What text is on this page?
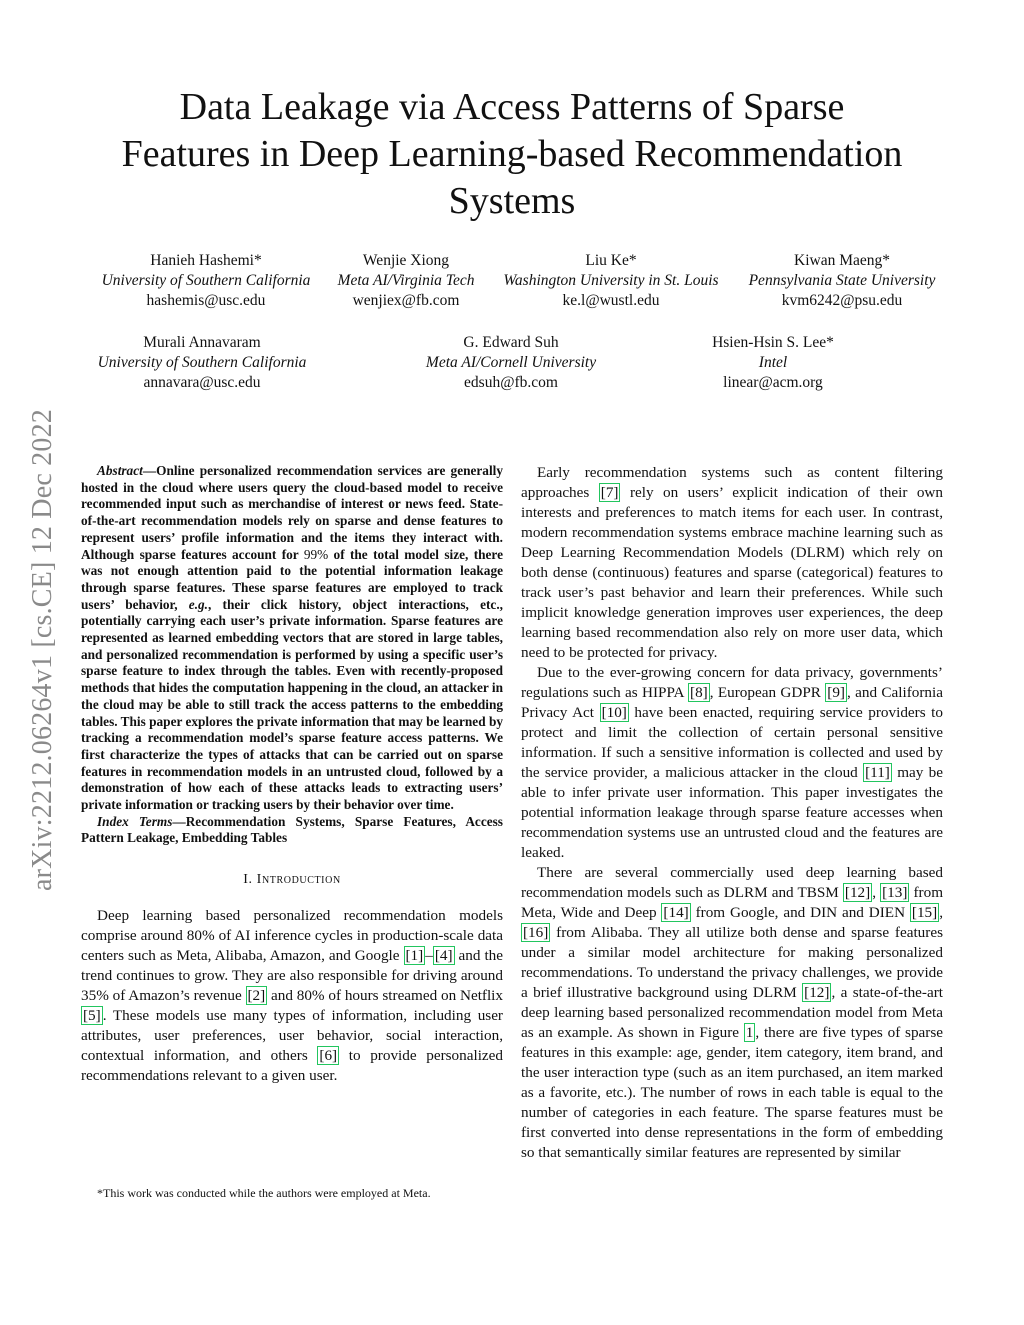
Data Leakage via Access Patterns of Sparse
Features in Deep Learning-based Recommendation
Systems
Hanieh Hashemi*
University of Southern California
hashemis@usc.edu
Wenjie Xiong
Meta AI/Virginia Tech
wenjiex@fb.com
Liu Ke*
Washington University in St. Louis
ke.l@wustl.edu
Kiwan Maeng*
Pennsylvania State University
kvm6242@psu.edu
Murali Annavaram
University of Southern California
annavara@usc.edu
G. Edward Suh
Meta AI/Cornell University
edsuh@fb.com
Hsien-Hsin S. Lee*
Intel
linear@acm.org
arXiv:2212.06264v1 [cs.CE] 12 Dec 2022	Abstract—Online personalized recommendation services are generally hosted in the cloud where users query the cloud-based model to receive recommended input such as merchandise of interest or news feed. State-of-the-art recommendation models rely on sparse and dense features to represent users’ profile information and the items they interact with. Although sparse features account for 99% of the total model size, there was not enough attention paid to the potential information leakage through sparse features. These sparse features are employed to track users’ behavior, e.g., their click history, object interactions, etc., potentially carrying each user’s private information. Sparse features are represented as learned embedding vectors that are stored in large tables, and personalized recommendation is performed by using a specific user’s sparse feature to index through the tables. Even with recently-proposed methods that hides the computation happening in the cloud, an attacker in the cloud may be able to still track the access patterns to the embedding tables. This paper explores the private information that may be learned by tracking a recommendation model’s sparse feature access patterns. We first characterize the types of attacks that can be carried out on sparse features in recommendation models in an untrusted cloud, followed by a demonstration of how each of these attacks leads to extracting users’ private information or tracking users by their behavior over time.

Index Terms—Recommendation Systems, Sparse Features, Access Pattern Leakage, Embedding Tables

I. Introduction

Deep learning based personalized recommendation models comprise around 80% of AI inference cycles in production-scale data centers such as Meta, Alibaba, Amazon, and Google [1] – [4] and the trend continues to grow. They are also responsible for driving around 35% of Amazon’s revenue [2] and 80% of hours streamed on Netflix [5] . These models use many types of information, including user attributes, user preferences, user behavior, social interaction, contextual information, and others [6] to provide personalized recommendations relevant to a given user.

*This work was conducted while the authors were employed at Meta.

Early recommendation systems such as content filtering approaches [7] rely on users’ explicit indication of their own interests and preferences to match items for each user. In contrast, modern recommendation systems embrace machine learning such as Deep Learning Recommendation Models (DLRM) which rely on both dense (continuous) features and sparse (categorical) features to track user’s past behavior and learn their preferences. While such implicit knowledge generation improves user experiences, the deep learning based recommendation also rely on more user data, which need to be protected for privacy.

Due to the ever-growing concern for data privacy, governments’ regulations such as HIPPA [8] , European GDPR [9] , and California Privacy Act [10] have been enacted, requiring service providers to protect and limit the collection of certain personal sensitive information. If such a sensitive information is collected and used by the service provider, a malicious attacker in the cloud [11] may be able to infer private user information. This paper investigates the potential information leakage through sparse feature accesses when recommendation systems use an untrusted cloud and the features are leaked.

There are several commercially used deep learning based recommendation models such as DLRM and TBSM [12] , [13] from Meta, Wide and Deep [14] from Google, and DIN and DIEN [15] , [16] from Alibaba. They all utilize both dense and sparse features under a similar model architecture for making personalized recommendations. To understand the privacy challenges, we provide a brief illustrative background using DLRM [12] , a state-of-the-art deep learning based personalized recommendation model from Meta as an example. As shown in Figure 1 , there are five types of sparse features in this example: age, gender, item category, item brand, and the user interaction type (such as an item purchased, an item marked as a favorite, etc.). The number of rows in each table is equal to the number of categories in each feature. The sparse features must be first converted into dense representations in the form of embedding so that semantically similar features are represented by similar
